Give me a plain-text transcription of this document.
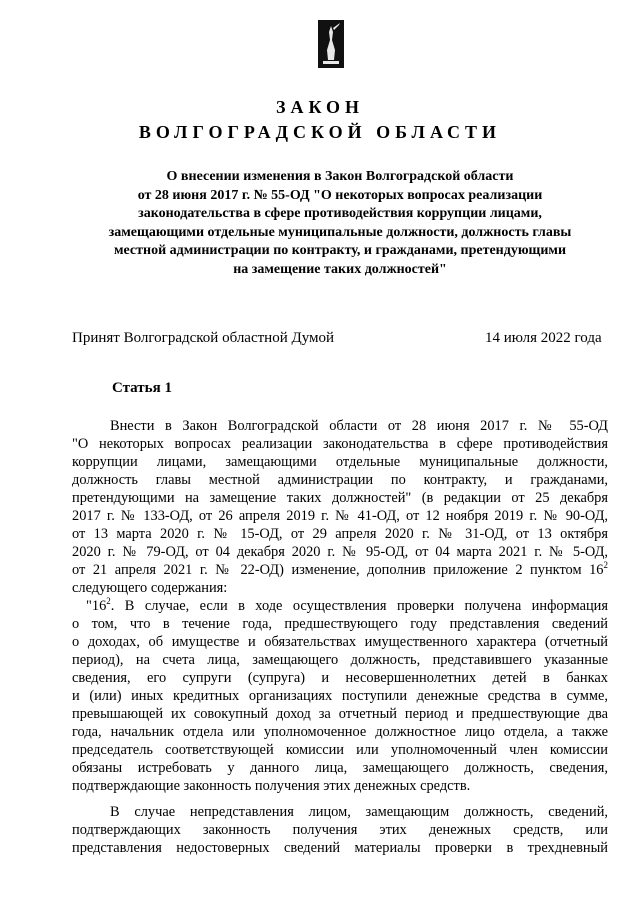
ЗАКОН
ВОЛГОГРАДСКОЙ ОБЛАСТИ
О внесении изменения в Закон Волгоградской области
от 28 июня 2017 г. № 55-ОД "О некоторых вопросах реализации
законодательства в сфере противодействия коррупции лицами,
замещающими отдельные муниципальные должности, должность главы
местной администрации по контракту, и гражданами, претендующими
на замещение таких должностей"
Принят Волгоградской областной Думой	14 июля 2022 года
Статья 1
Внести в Закон Волгоградской области от 28 июня 2017 г. № 55-ОД
"О некоторых вопросах реализации законодательства в сфере противодействия
коррупции лицами, замещающими отдельные муниципальные должности,
должность главы местной администрации по контракту, и гражданами,
претендующими на замещение таких должностей" (в редакции от 25 декабря
2017 г. № 133-ОД, от 26 апреля 2019 г. № 41-ОД, от 12 ноября 2019 г. № 90-ОД,
от 13 марта 2020 г. № 15-ОД, от 29 апреля 2020 г. № 31-ОД, от 13 октября
2020 г. № 79-ОД, от 04 декабря 2020 г. № 95-ОД, от 04 марта 2021 г. № 5-ОД,
от 21 апреля 2021 г. № 22-ОД) изменение, дополнив приложение 2 пунктом $16^2$
следующего содержания:
"$16^2$. В случае, если в ходе осуществления проверки получена информация
о том, что в течение года, предшествующего году представления сведений
о доходах, об имуществе и обязательствах имущественного характера (отчетный
период), на счета лица, замещающего должность, представившего указанные
сведения, его супруги (супруга) и несовершеннолетних детей в банках
и (или) иных кредитных организациях поступили денежные средства в сумме,
превышающей их совокупный доход за отчетный период и предшествующие два
года, начальник отдела или уполномоченное должностное лицо отдела, а также
председатель соответствующей комиссии или уполномоченный член комиссии
обязаны истребовать у данного лица, замещающего должность, сведения,
подтверждающие законность получения этих денежных средств.
В случае непредставления лицом, замещающим должность, сведений,
подтверждающих законность получения этих денежных средств, или
представления недостоверных сведений материалы проверки в трехдневный
